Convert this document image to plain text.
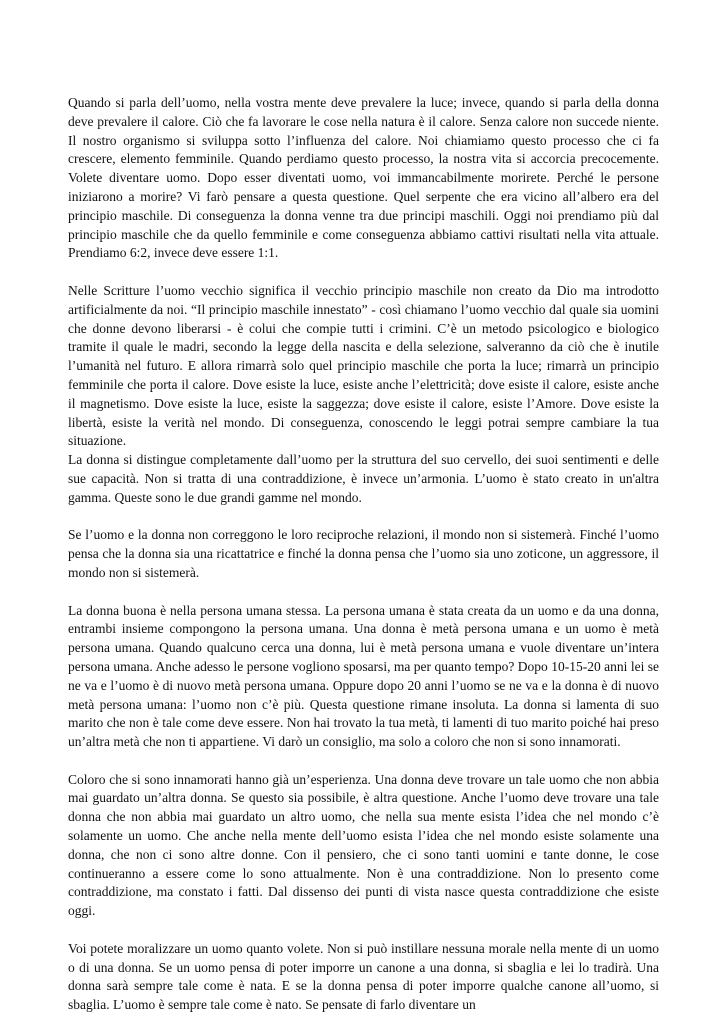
Quando si parla dell’uomo, nella vostra mente deve prevalere la luce; invece, quando si parla della donna deve prevalere il calore. Ciò che fa lavorare le cose nella natura è il calore. Senza calore non succede niente. Il nostro organismo si sviluppa sotto l’influenza del calore. Noi chiamiamo questo processo che ci fa crescere, elemento femminile. Quando perdiamo questo processo, la nostra vita si accorcia precocemente. Volete diventare uomo. Dopo esser diventati uomo, voi immancabilmente morirete. Perché le persone iniziarono a morire? Vi farò pensare a questa questione. Quel serpente che era vicino all’albero era del principio maschile. Di conseguenza la donna venne tra due principi maschili. Oggi noi prendiamo più dal principio maschile che da quello femminile e come conseguenza abbiamo cattivi risultati nella vita attuale. Prendiamo 6:2, invece deve essere 1:1.

Nelle Scritture l’uomo vecchio significa il vecchio principio maschile non creato da Dio ma introdotto artificialmente da noi. “Il principio maschile innestato” - così chiamano l’uomo vecchio dal quale sia uomini che donne devono liberarsi - è colui che compie tutti i crimini. C’è un metodo psicologico e biologico tramite il quale le madri, secondo la legge della nascita e della selezione, salveranno da ciò che è inutile l’umanità nel futuro. E allora rimarrà solo quel principio maschile che porta la luce; rimarrà un principio femminile che porta il calore. Dove esiste la luce, esiste anche l’elettricità; dove esiste il calore, esiste anche il magnetismo. Dove esiste la luce, esiste la saggezza; dove esiste il calore, esiste l’Amore. Dove esiste la libertà, esiste la verità nel mondo. Di conseguenza, conoscendo le leggi potrai sempre cambiare la tua situazione.

La donna si distingue completamente dall’uomo per la struttura del suo cervello, dei suoi sentimenti e delle sue capacità. Non si tratta di una contraddizione, è invece un’armonia. L’uomo è stato creato in un'altra gamma. Queste sono le due grandi gamme nel mondo.

Se l’uomo e la donna non correggono le loro reciproche relazioni, il mondo non si sistemerà. Finché l’uomo pensa che la donna sia una ricattatrice e finché la donna pensa che l’uomo sia uno zoticone, un aggressore, il mondo non si sistemerà.

La donna buona è nella persona umana stessa. La persona umana è stata creata da un uomo e da una donna, entrambi insieme compongono la persona umana. Una donna è metà persona umana e un uomo è metà persona umana. Quando qualcuno cerca una donna, lui è metà persona umana e vuole diventare un’intera persona umana. Anche adesso le persone vogliono sposarsi, ma per quanto tempo? Dopo 10-15-20 anni lei se ne va e l’uomo è di nuovo metà persona umana. Oppure dopo 20 anni l’uomo se ne va e la donna è di nuovo metà persona umana: l’uomo non c’è più. Questa questione rimane insoluta. La donna si lamenta di suo marito che non è tale come deve essere. Non hai trovato la tua metà, ti lamenti di tuo marito poiché hai preso un’altra metà che non ti appartiene. Vi darò un consiglio, ma solo a coloro che non si sono innamorati.

Coloro che si sono innamorati hanno già un’esperienza. Una donna deve trovare un tale uomo che non abbia mai guardato un’altra donna. Se questo sia possibile, è altra questione. Anche l’uomo deve trovare una tale donna che non abbia mai guardato un altro uomo, che nella sua mente esista l’idea che nel mondo c’è solamente un uomo. Che anche nella mente dell’uomo esista l’idea che nel mondo esiste solamente una donna, che non ci sono altre donne. Con il pensiero, che ci sono tanti uomini e tante donne, le cose continueranno a essere come lo sono attualmente. Non è una contraddizione. Non lo presento come contraddizione, ma constato i fatti. Dal dissenso dei punti di vista nasce questa contraddizione che esiste oggi.

Voi potete moralizzare un uomo quanto volete. Non si può instillare nessuna morale nella mente di un uomo o di una donna. Se un uomo pensa di poter imporre un canone a una donna, si sbaglia e lei lo tradirà. Una donna sarà sempre tale come è nata. E se la donna pensa di poter imporre qualche canone all’uomo, si sbaglia. L’uomo è sempre tale come è nato. Se pensate di farlo diventare un
